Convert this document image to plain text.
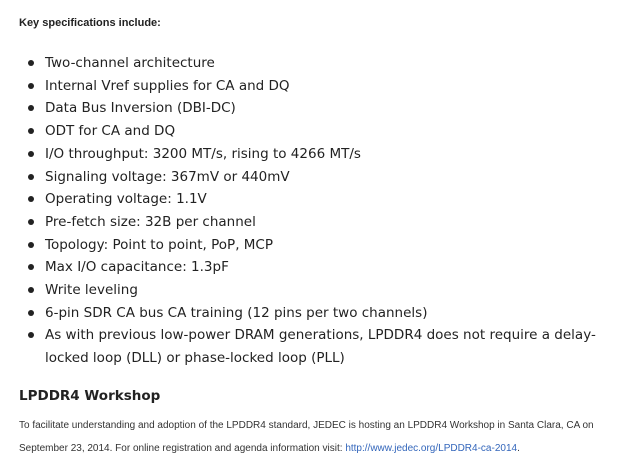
Key specifications include:
Two-channel architecture
Internal Vref supplies for CA and DQ
Data Bus Inversion (DBI-DC)
ODT for CA and DQ
I/O throughput: 3200 MT/s, rising to 4266 MT/s
Signaling voltage: 367mV or 440mV
Operating voltage: 1.1V
Pre-fetch size: 32B per channel
Topology: Point to point, PoP, MCP
Max I/O capacitance: 1.3pF
Write leveling
6-pin SDR CA bus CA training (12 pins per two channels)
As with previous low-power DRAM generations, LPDDR4 does not require a delay-locked loop (DLL) or phase-locked loop (PLL)
LPDDR4 Workshop

To facilitate understanding and adoption of the LPDDR4 standard, JEDEC is hosting an LPDDR4 Workshop in Santa Clara, CA on September 23, 2014. For online registration and agenda information visit: http://www.jedec.org/LPDDR4-ca-2014.
